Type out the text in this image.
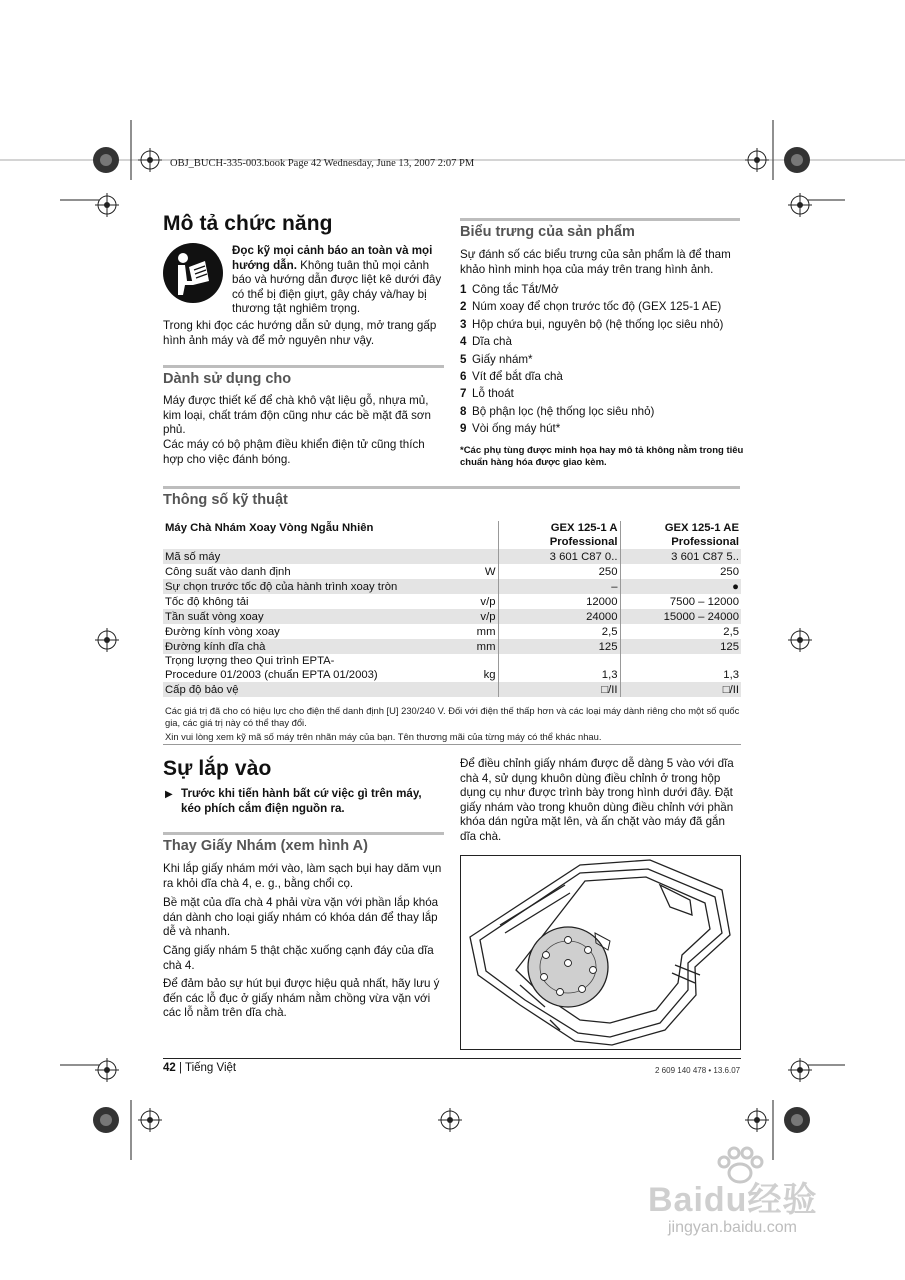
OBJ_BUCH-335-003.book Page 42 Wednesday, June 13, 2007 2:07 PM
Mô tả chức năng
Đọc kỹ mọi cảnh báo an toàn và mọi hướng dẫn. Không tuân thủ mọi cảnh báo và hướng dẫn được liệt kê dưới đây có thể bị điện giựt, gây cháy và/hay bị thương tật nghiêm trọng.
Trong khi đọc các hướng dẫn sử dụng, mở trang gấp hình ảnh máy và để mở nguyên như vậy.
Dành sử dụng cho
Máy được thiết kế để chà khô vật liệu gỗ, nhựa mủ, kim loại, chất trám độn cũng như các bề mặt đã sơn phủ.
Các máy có bộ phậm điều khiển điện tử cũng thích hợp cho việc đánh bóng.
Biểu trưng của sản phẩm
Sự đánh số các biểu trưng của sản phẩm là để tham khảo hình minh họa của máy trên trang hình ảnh.
1 Công tắc Tắt/Mở
2 Núm xoay để chọn trước tốc độ (GEX 125-1 AE)
3 Hộp chứa bụi, nguyên bộ (hệ thống lọc siêu nhỏ)
4 Dĩa chà
5 Giấy nhám*
6 Vít để bắt dĩa chà
7 Lỗ thoát
8 Bộ phận lọc (hệ thống lọc siêu nhỏ)
9 Vòi ống máy hút*
*Các phụ tùng được minh họa hay mô tả không nằm trong tiêu chuẩn hàng hóa được giao kèm.
Thông số kỹ thuật
Máy Chà Nhám Xoay Vòng Ngẫu Nhiên		GEX 125-1 A
Professional	GEX 125-1 AE
Professional
Mã số máy		3 601 C87 0..	3 601 C87 5..
Công suất vào danh định	W	250	250
Sự chọn trước tốc độ của hành trình xoay tròn		–	●
Tốc độ không tải	v/p	12000	7500 – 12000
Tần suất vòng xoay	v/p	24000	15000 – 24000
Đường kính vòng xoay	mm	2,5	2,5
Đường kính dĩa chà	mm	125	125
Trọng lượng theo Qui trình EPTA-Procedure 01/2003 (chuẩn EPTA 01/2003)	kg	1,3	1,3
Cấp độ bảo vệ		□/II	□/II
Các giá trị đã cho có hiệu lực cho điện thế danh định [U] 230/240 V. Đối với điện thế thấp hơn và các loại máy dành riêng cho một số quốc gia, các giá trị này có thể thay đổi.
Xin vui lòng xem kỹ mã số máy trên nhãn máy của bạn. Tên thương mãi của từng máy có thể khác nhau.
Sự lắp vào
▶ Trước khi tiến hành bất cứ việc gì trên máy, kéo phích cắm điện nguồn ra.
Thay Giấy Nhám (xem hình A)
Khi lắp giấy nhám mới vào, làm sạch bụi hay dăm vụn ra khỏi dĩa chà 4, e. g., bằng chổi cọ.
Bề mặt của dĩa chà 4 phải vừa vặn với phần lắp khóa dán dành cho loại giấy nhám có khóa dán để thay lắp dễ và nhanh.
Căng giấy nhám 5 thật chặc xuống cạnh đáy của dĩa chà 4.
Để đảm bảo sự hút bụi được hiệu quả nhất, hãy lưu ý đến các lỗ đục ở giấy nhám nằm chồng vừa vặn với các lỗ nằm trên dĩa chà.
Để điều chỉnh giấy nhám được dễ dàng 5 vào với dĩa chà 4, sử dụng khuôn dùng điều chỉnh ở trong hộp dụng cụ như được trình bày trong hình dưới đây. Đặt giấy nhám vào trong khuôn dùng điều chỉnh với phần khóa dán ngửa mặt lên, và ấn chặt vào máy đã gắn dĩa chà.
42 | Tiếng Việt	2 609 140 478 • 13.6.07
Baidu经验
jingyan.baidu.com
